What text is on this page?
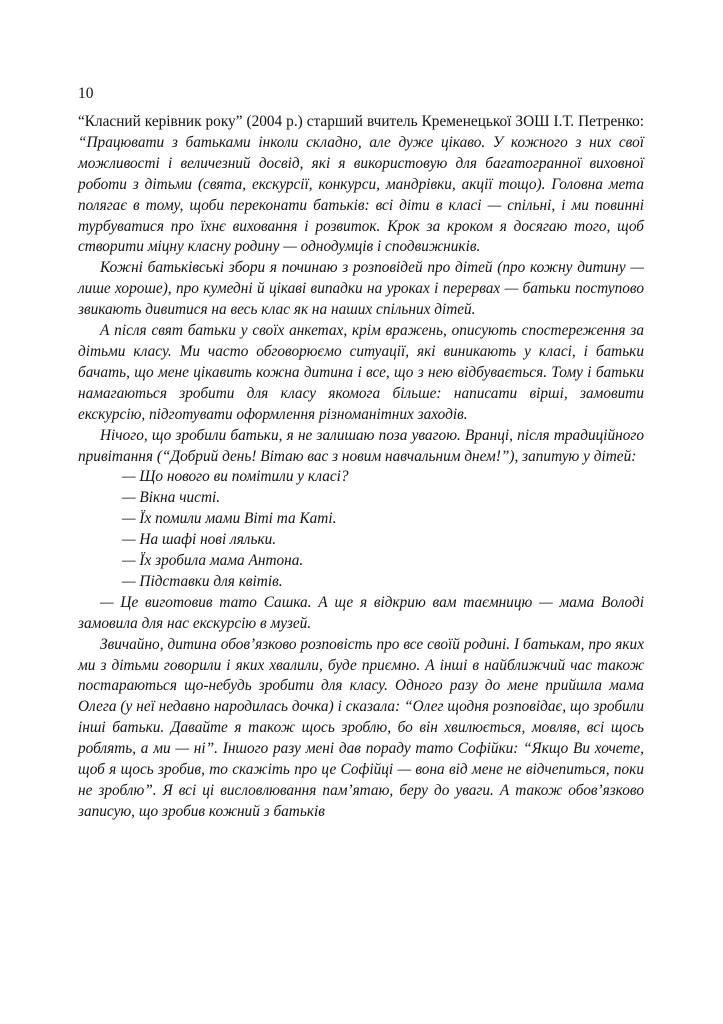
10

“Класний керівник року” (2004 р.) старший вчитель Кременецької ЗОШ І.Т. Петренко: “Працювати з батьками інколи складно, але дуже цікаво. У кожного з них свої можливості і величезний досвід, які я використовую для багатогранної виховної роботи з дітьми (свята, екскурсії, конкурси, мандрівки, акції тощо). Головна мета полягає в тому, щоби переконати батьків: всі діти в класі — спільні, і ми повинні турбуватися про їхнє виховання і розвиток. Крок за кроком я досягаю того, щоб створити міцну класну родину — однодумців і сподвижників.

Кожні батьківські збори я починаю з розповідей про дітей (про кожну дитину — лише хороше), про кумедні й цікаві випадки на уроках і перервах — батьки поступово звикають дивитися на весь клас як на наших спільних дітей.

А після свят батьки у своїх анкетах, крім вражень, описують спостереження за дітьми класу. Ми часто обговорюємо ситуації, які виникають у класі, і батьки бачать, що мене цікавить кожна дитина і все, що з нею відбувається. Тому і батьки намагаються зробити для класу якомога більше: написати вірші, замовити екскурсію, підготувати оформлення різноманітних заходів.

Нічого, що зробили батьки, я не залишаю поза увагою. Вранці, після традиційного привітання (“Добрий день! Вітаю вас з новим навчальним днем!”), запитую у дітей:

— Що нового ви помітили у класі?

— Вікна чисті.

— Їх помили мами Віті та Каті.

— На шафі нові ляльки.

— Їх зробила мама Антона.

— Підставки для квітів.

— Це виготовив тато Сашка. А ще я відкрию вам таємницю — мама Володі замовила для нас екскурсію в музей.

Звичайно, дитина обов’язково розповість про все своїй родині. І батькам, про яких ми з дітьми говорили і яких хвалили, буде приємно. А інші в найближчий час також постараються що-небудь зробити для класу. Одного разу до мене прийшла мама Олега (у неї недавно народилась дочка) і сказала: “Олег щодня розповідає, що зробили інші батьки. Давайте я також щось зроблю, бо він хвилюється, мовляв, всі щось роблять, а ми — ні”. Іншого разу мені дав пораду тато Софійки: “Якщо Ви хочете, щоб я щось зробив, то скажіть про це Софійці — вона від мене не відчепиться, поки не зроблю”. Я всі ці висловлювання пам’ятаю, беру до уваги. А також обов’язково записую, що зробив кожний з батьків
